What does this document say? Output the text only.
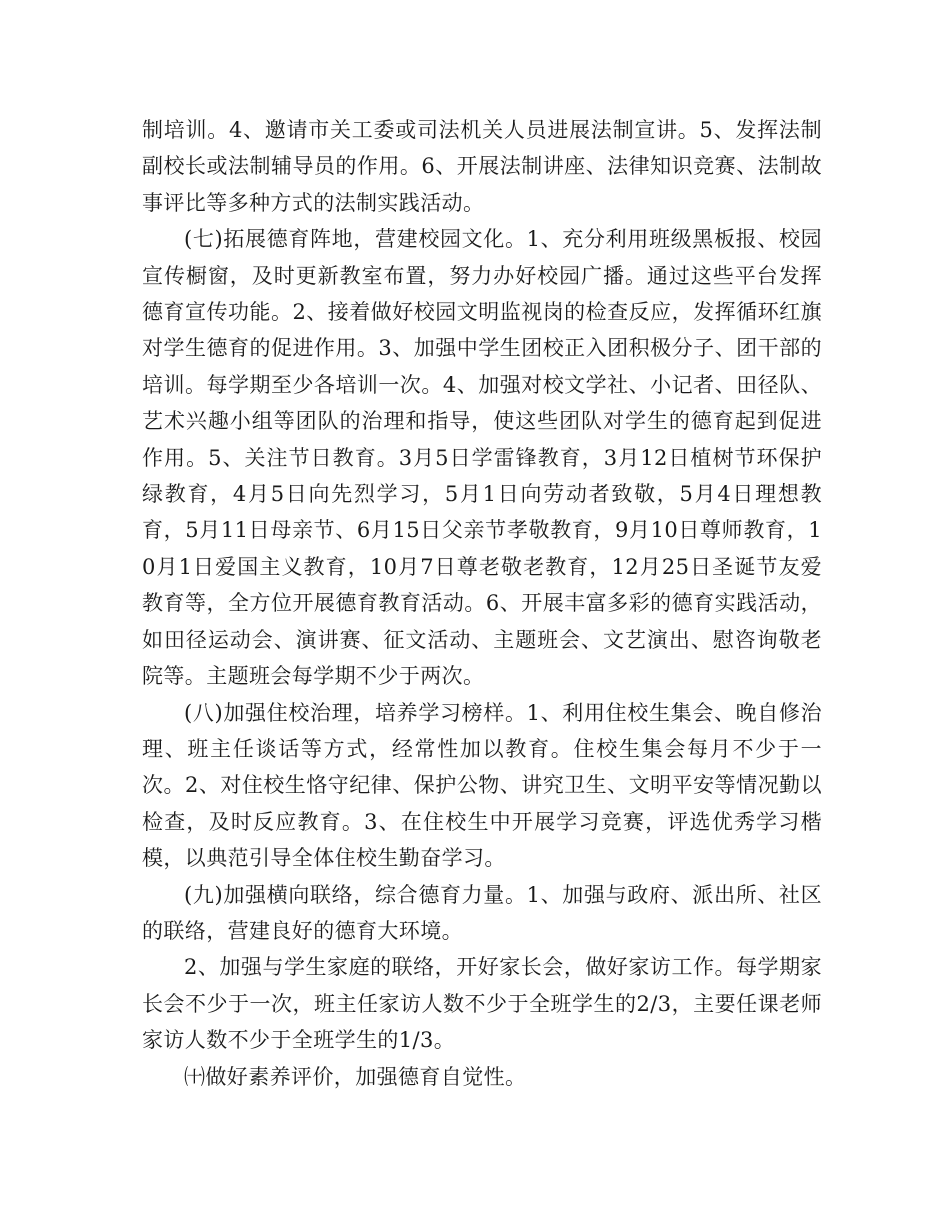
制培训。4、邀请市关工委或司法机关人员进展法制宣讲。5、发挥法制副校长或法制辅导员的作用。6、开展法制讲座、法律知识竞赛、法制故事评比等多种方式的法制实践活动。

(七)拓展德育阵地，营建校园文化。1、充分利用班级黑板报、校园宣传橱窗，及时更新教室布置，努力办好校园广播。通过这些平台发挥德育宣传功能。2、接着做好校园文明监视岗的检查反应，发挥循环红旗对学生德育的促进作用。3、加强中学生团校正入团积极分子、团干部的培训。每学期至少各培训一次。4、加强对校文学社、小记者、田径队、艺术兴趣小组等团队的治理和指导，使这些团队对学生的德育起到促进作用。5、关注节日教育。3月5日学雷锋教育，3月12日植树节环保护绿教育，4月5日向先烈学习，5月1日向劳动者致敬，5月4日理想教育，5月11日母亲节、6月15日父亲节孝敬教育，9月10日尊师教育，10月1日爱国主义教育，10月7日尊老敬老教育，12月25日圣诞节友爱教育等，全方位开展德育教育活动。6、开展丰富多彩的德育实践活动，如田径运动会、演讲赛、征文活动、主题班会、文艺演出、慰咨询敬老院等。主题班会每学期不少于两次。

(八)加强住校治理，培养学习榜样。1、利用住校生集会、晚自修治理、班主任谈话等方式，经常性加以教育。住校生集会每月不少于一次。2、对住校生恪守纪律、保护公物、讲究卫生、文明平安等情况勤以检查，及时反应教育。3、在住校生中开展学习竞赛，评选优秀学习楷模，以典范引导全体住校生勤奋学习。

(九)加强横向联络，综合德育力量。1、加强与政府、派出所、社区的联络，营建良好的德育大环境。

2、加强与学生家庭的联络，开好家长会，做好家访工作。每学期家长会不少于一次，班主任家访人数不少于全班学生的2/3，主要任课老师家访人数不少于全班学生的1/3。

㈩做好素养评价，加强德育自觉性。
